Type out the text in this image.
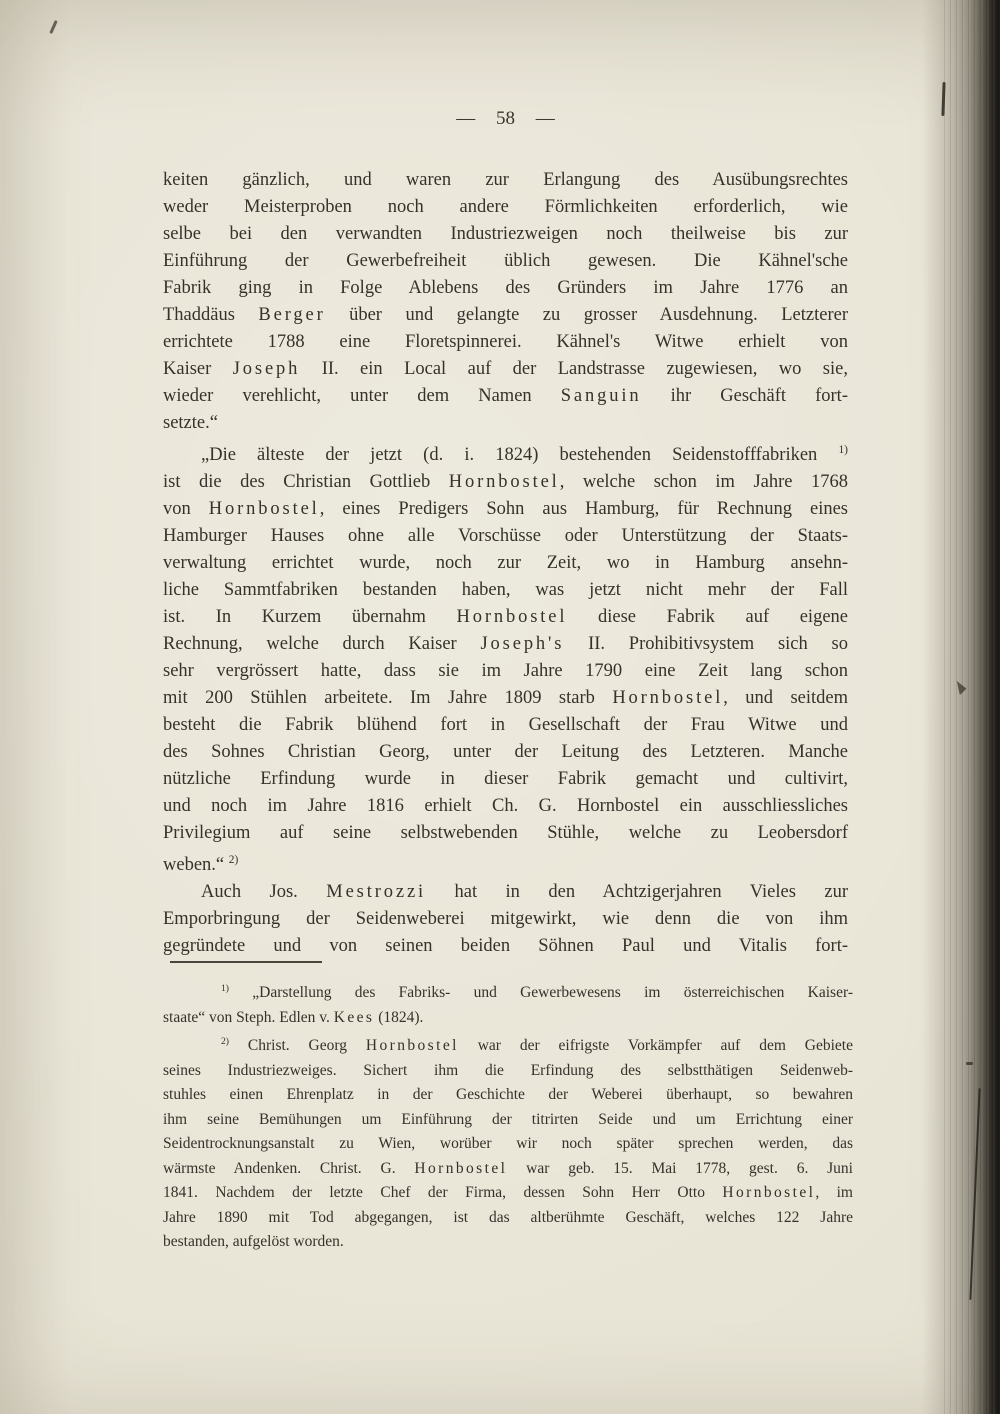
— 58 —
keiten gänzlich, und waren zur Erlangung des Ausübungsrechtes
weder Meisterproben noch andere Förmlichkeiten erforderlich, wie
selbe bei den verwandten Industriezweigen noch theilweise bis zur
Einführung der Gewerbefreiheit üblich gewesen. Die Kähnel'sche
Fabrik ging in Folge Ablebens des Gründers im Jahre 1776 an
Thaddäus Berger über und gelangte zu grosser Ausdehnung. Letzterer
errichtete 1788 eine Floretspinnerei. Kähnel's Witwe erhielt von
Kaiser Joseph II. ein Local auf der Landstrasse zugewiesen, wo sie,
wieder verehlicht, unter dem Namen Sanguin ihr Geschäft fort-
setzte.“
„Die älteste der jetzt (d. i. 1824) bestehenden Seidenstofffabriken $^{1)}$
ist die des Christian Gottlieb Hornbostel, welche schon im Jahre 1768
von Hornbostel, eines Predigers Sohn aus Hamburg, für Rechnung eines
Hamburger Hauses ohne alle Vorschüsse oder Unterstützung der Staats-
verwaltung errichtet wurde, noch zur Zeit, wo in Hamburg ansehn-
liche Sammtfabriken bestanden haben, was jetzt nicht mehr der Fall
ist. In Kurzem übernahm Hornbostel diese Fabrik auf eigene
Rechnung, welche durch Kaiser Joseph's II. Prohibitivsystem sich so
sehr vergrössert hatte, dass sie im Jahre 1790 eine Zeit lang schon
mit 200 Stühlen arbeitete. Im Jahre 1809 starb Hornbostel, und seitdem
besteht die Fabrik blühend fort in Gesellschaft der Frau Witwe und
des Sohnes Christian Georg, unter der Leitung des Letzteren. Manche
nützliche Erfindung wurde in dieser Fabrik gemacht und cultivirt,
und noch im Jahre 1816 erhielt Ch. G. Hornbostel ein ausschliessliches
Privilegium auf seine selbstwebenden Stühle, welche zu Leobersdorf
weben.“ $^{2)}$
Auch Jos. Mestrozzi hat in den Achtzigerjahren Vieles zur
Emporbringung der Seidenweberei mitgewirkt, wie denn die von ihm
gegründete und von seinen beiden Söhnen Paul und Vitalis fort-
$^{1)}$ „Darstellung des Fabriks- und Gewerbewesens im österreichischen Kaiser-
staate“ von Steph. Edlen v. Kees (1824).
$^{2)}$ Christ. Georg Hornbostel war der eifrigste Vorkämpfer auf dem Gebiete
seines Industriezweiges. Sichert ihm die Erfindung des selbstthätigen Seidenweb-
stuhles einen Ehrenplatz in der Geschichte der Weberei überhaupt, so bewahren
ihm seine Bemühungen um Einführung der titrirten Seide und um Errichtung einer
Seidentrocknungsanstalt zu Wien, worüber wir noch später sprechen werden, das
wärmste Andenken. Christ. G. Hornbostel war geb. 15. Mai 1778, gest. 6. Juni
1841. Nachdem der letzte Chef der Firma, dessen Sohn Herr Otto Hornbostel, im
Jahre 1890 mit Tod abgegangen, ist das altberühmte Geschäft, welches 122 Jahre
bestanden, aufgelöst worden.
